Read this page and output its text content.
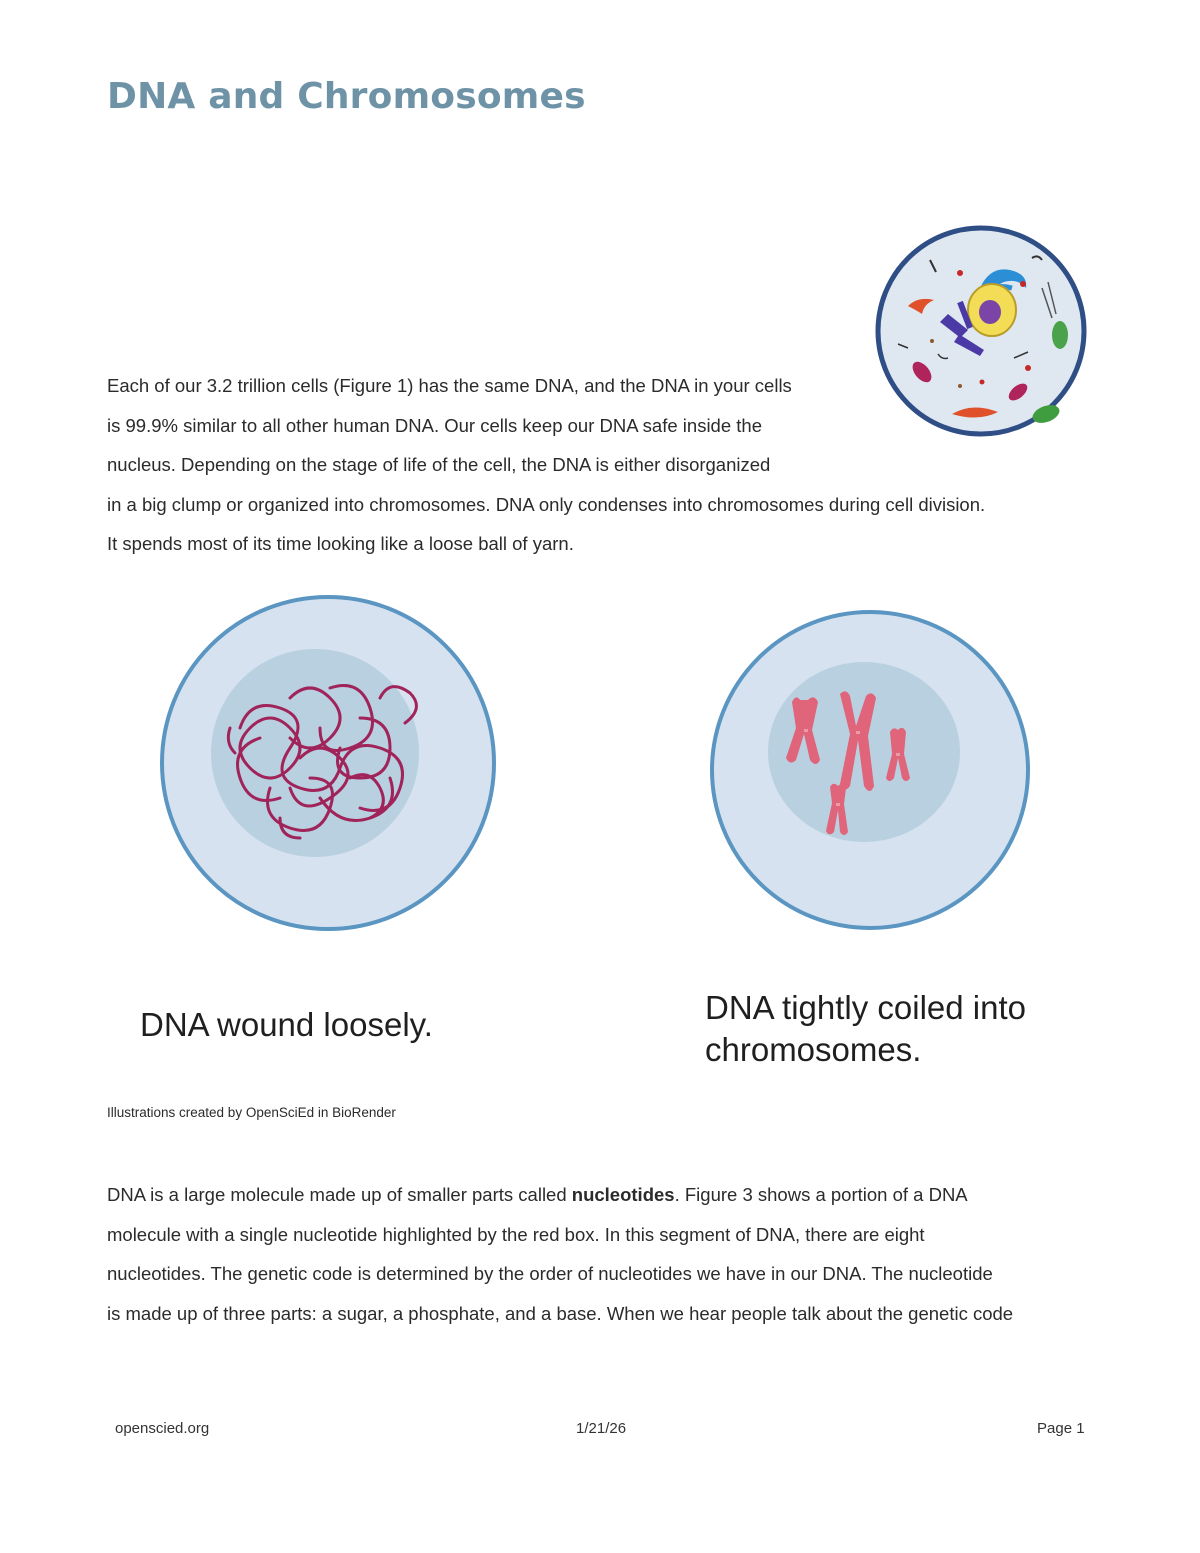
DNA and Chromosomes

Each of our 3.2 trillion cells (Figure 1) has the same DNA, and the DNA in your cells
is 99.9% similar to all other human DNA. Our cells keep our DNA safe inside the
nucleus. Depending on the stage of life of the cell, the DNA is either disorganized
in a big clump or organized into chromosomes. DNA only condenses into chromosomes during cell division.
It spends most of its time looking like a loose ball of yarn.

DNA wound loosely.	DNA tightly coiled into
chromosomes.

Illustrations created by OpenSciEd in BioRender

DNA is a large molecule made up of smaller parts called nucleotides. Figure 3 shows a portion of a DNA
molecule with a single nucleotide highlighted by the red box. In this segment of DNA, there are eight
nucleotides. The genetic code is determined by the order of nucleotides we have in our DNA. The nucleotide
is made up of three parts: a sugar, a phosphate, and a base. When we hear people talk about the genetic code

openscied.org	1/21/26	Page 1
